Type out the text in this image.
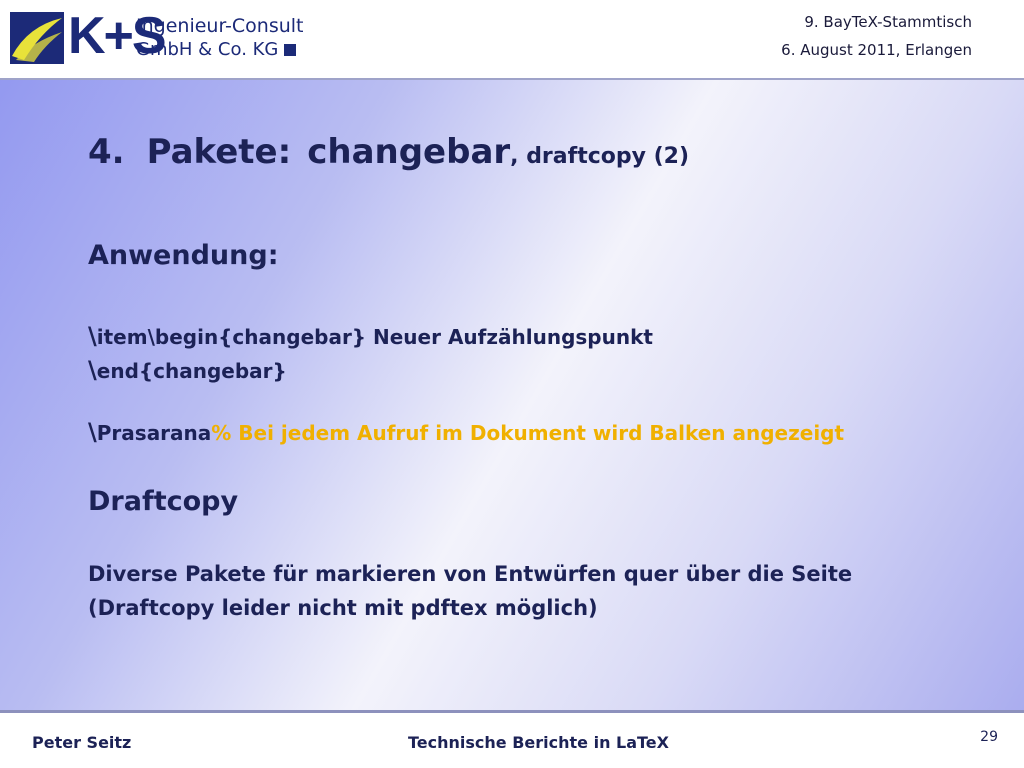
K+S
Ingenieur-Consult
GmbH & Co. KG
9. BayTeX-Stammtisch
6. August 2011, Erlangen
4. Pakete: changebar, draftcopy (2)
Anwendung:

\item\begin{changebar} Neuer Aufzählungspunkt

\end{changebar}

\Prasarana% Bei jedem Aufruf im Dokument wird Balken angezeigt

Draftcopy

Diverse Pakete für markieren von Entwürfen quer über die Seite

(Draftcopy leider nicht mit pdftex möglich)

Peter Seitz	Technische Berichte in LaTeX	29
